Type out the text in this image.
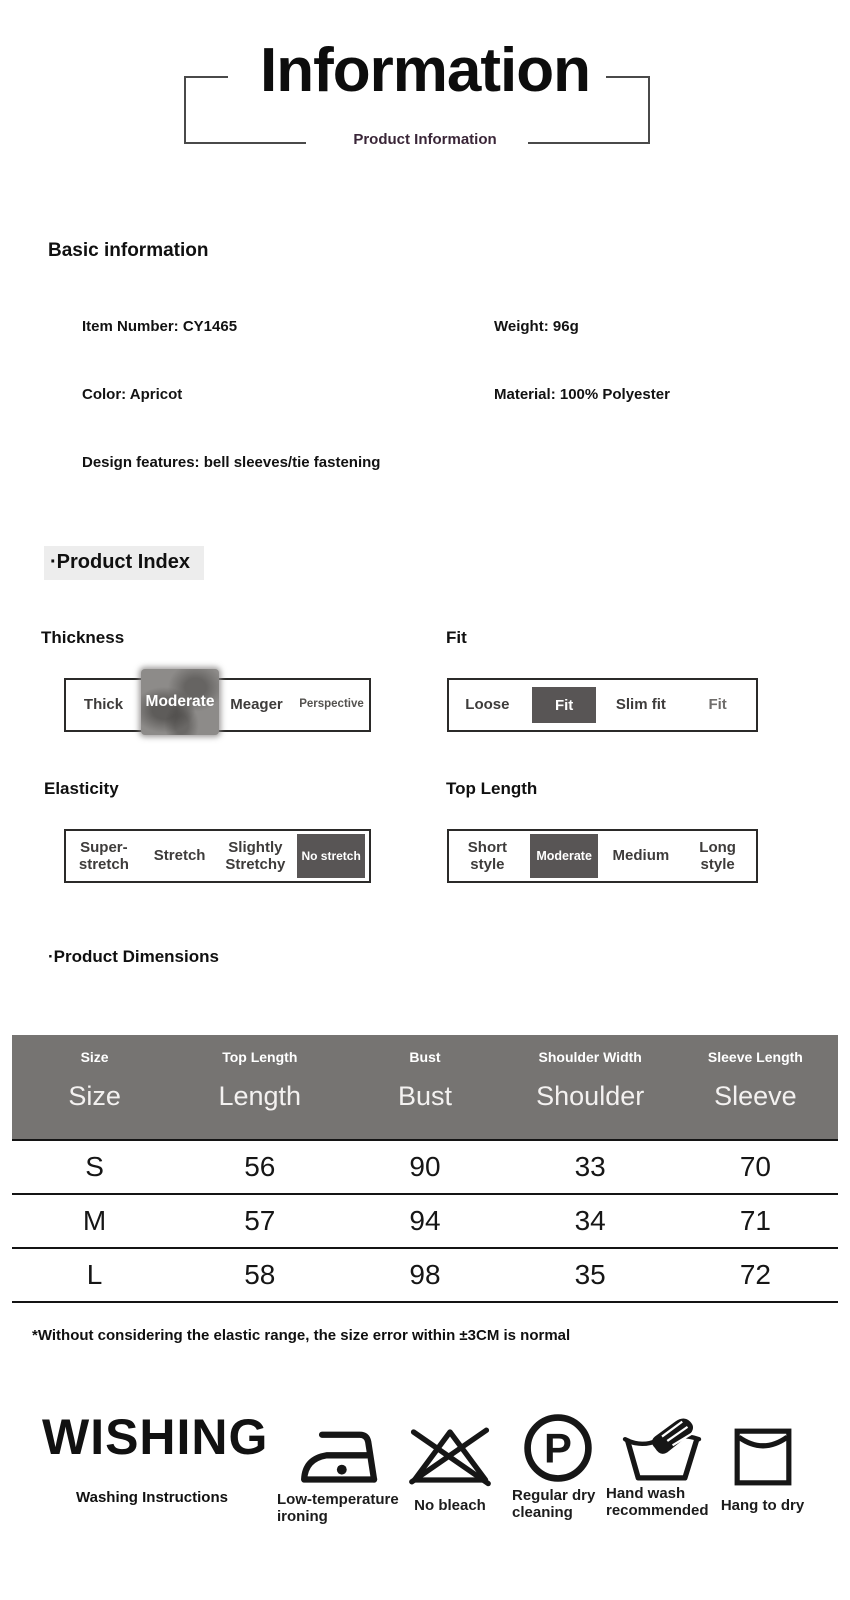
Information
Product Information
Basic information
Item Number: CY1465
Color: Apricot
Design features: bell sleeves/tie fastening
Weight: 96g
Material: 100% Polyester
·Product Index
Thickness	Fit
Elasticity	Top Length
Thick Moderate	Meager Perspective	Loose	Fit	Slim fit	Fit
Super-stretch
Stretch
Slightly Stretchy	No stretch
Short style	Moderate	Medium
Long style
·Product Dimensions
Size	Top Length	Bust	Shoulder Width	Sleeve Length
Size	Length	Bust	Shoulder	Sleeve
S	56	90	33	70
M	57	94	34	71
L	58	98	35	72
*Without considering the elastic range, the size error within ±3CM is normal
WISHING
Washing Instructions	Low-temperature ironing
No bleach
P
Regular dry cleaning
Hand wash recommended Hang to dry
